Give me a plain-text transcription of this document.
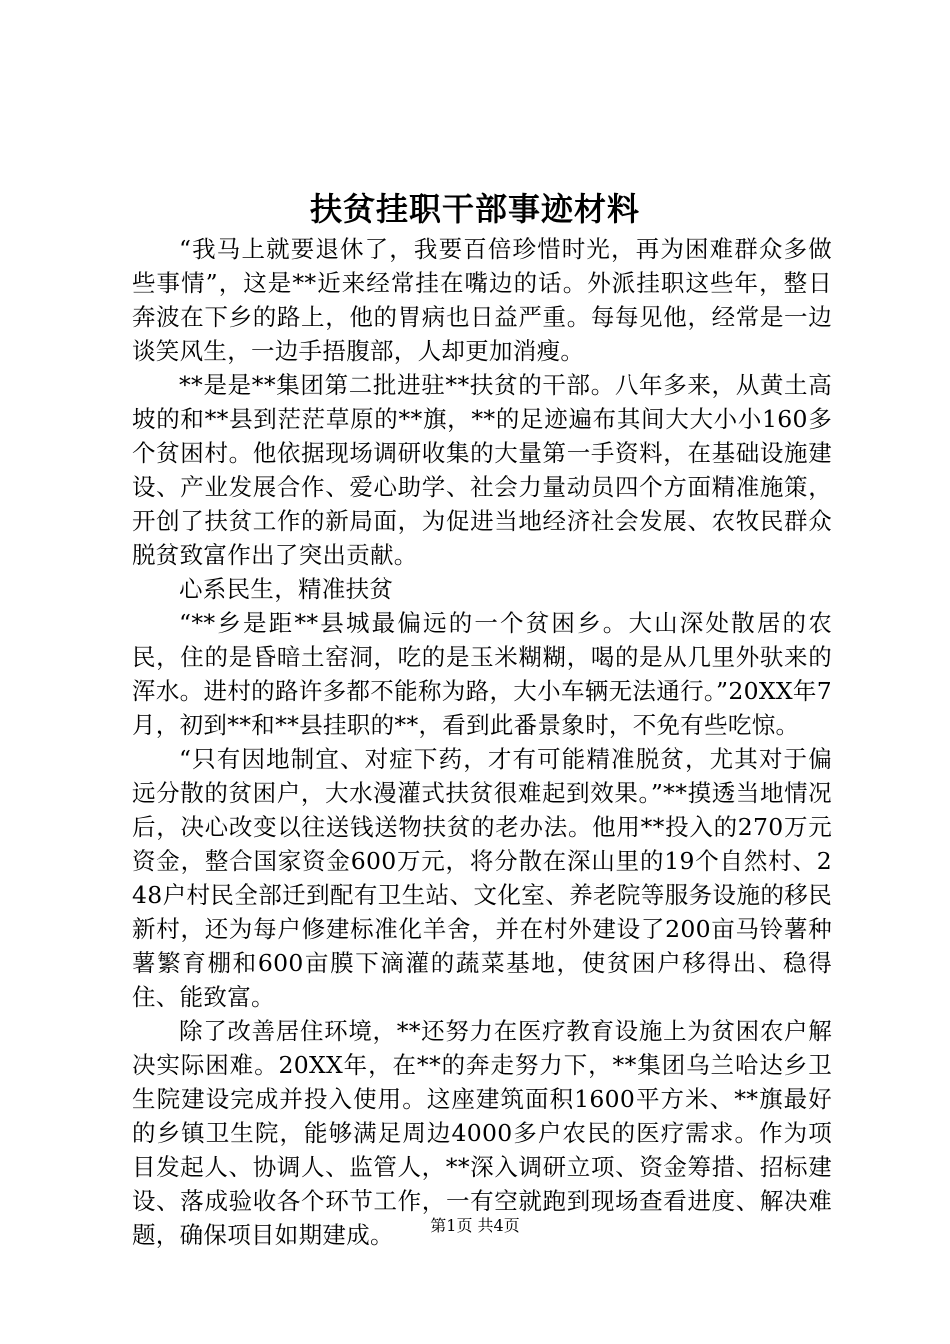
扶贫挂职干部事迹材料

“我马上就要退休了，我要百倍珍惜时光，再为困难群众多做些事情”，这是**近来经常挂在嘴边的话。外派挂职这些年，整日奔波在下乡的路上，他的胃病也日益严重。每每见他，经常是一边谈笑风生，一边手捂腹部，人却更加消瘦。

**是是**集团第二批进驻**扶贫的干部。八年多来，从黄土高坡的和**县到茫茫草原的**旗，**的足迹遍布其间大大小小160多个贫困村。他依据现场调研收集的大量第一手资料，在基础设施建设、产业发展合作、爱心助学、社会力量动员四个方面精准施策，开创了扶贫工作的新局面，为促进当地经济社会发展、农牧民群众脱贫致富作出了突出贡献。

心系民生，精准扶贫

“**乡是距**县城最偏远的一个贫困乡。大山深处散居的农民，住的是昏暗土窑洞，吃的是玉米糊糊，喝的是从几里外驮来的浑水。进村的路许多都不能称为路，大小车辆无法通行。”20XX年7月，初到**和**县挂职的**，看到此番景象时，不免有些吃惊。

“只有因地制宜、对症下药，才有可能精准脱贫，尤其对于偏远分散的贫困户，大水漫灌式扶贫很难起到效果。”**摸透当地情况后，决心改变以往送钱送物扶贫的老办法。他用**投入的270万元资金，整合国家资金600万元，将分散在深山里的19个自然村、248户村民全部迁到配有卫生站、文化室、养老院等服务设施的移民新村，还为每户修建标准化羊舍，并在村外建设了200亩马铃薯种薯繁育棚和600亩膜下滴灌的蔬菜基地，使贫困户移得出、稳得住、能致富。

除了改善居住环境，**还努力在医疗教育设施上为贫困农户解决实际困难。20XX年，在**的奔走努力下，**集团乌兰哈达乡卫生院建设完成并投入使用。这座建筑面积1600平方米、**旗最好的乡镇卫生院，能够满足周边4000多户农民的医疗需求。作为项目发起人、协调人、监管人，**深入调研立项、资金筹措、招标建设、落成验收各个环节工作，一有空就跑到现场查看进度、解决难题，确保项目如期建成。	第1页 共4页
